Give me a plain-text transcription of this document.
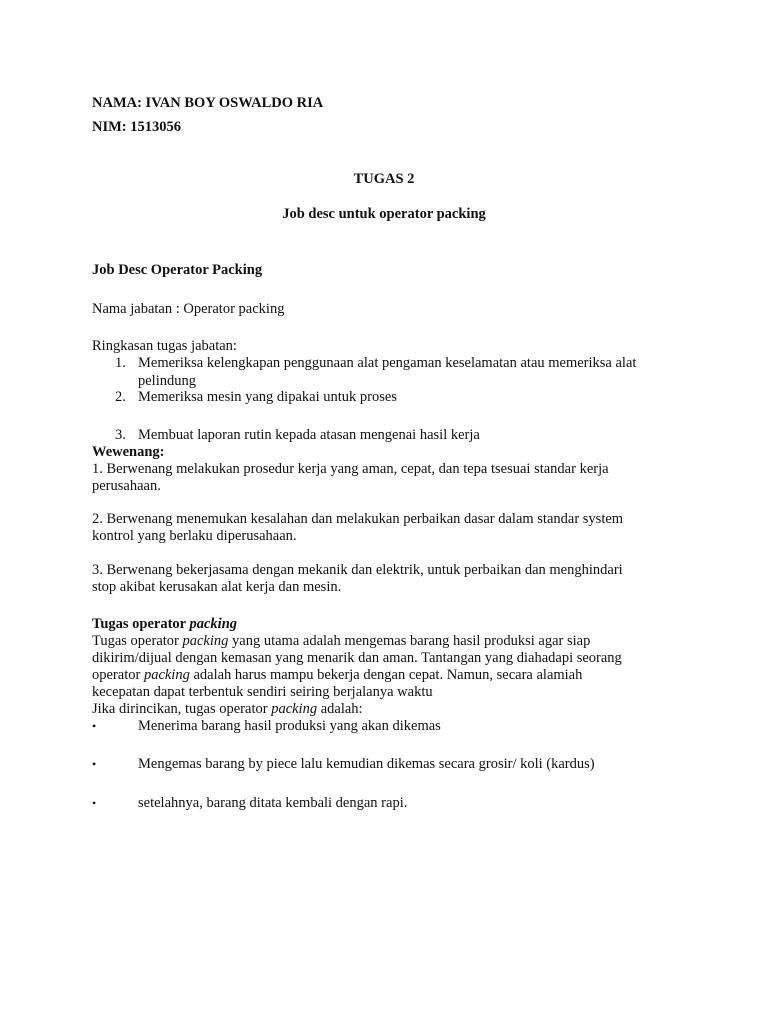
NAMA: IVAN BOY OSWALDO RIA
NIM: 1513056
TUGAS 2
Job desc untuk operator packing
Job Desc Operator Packing
Nama jabatan : Operator packing
Ringkasan tugas jabatan:
1. Memeriksa kelengkapan penggunaan alat pengaman keselamatan atau memeriksa alat
pelindung
2. Memeriksa mesin yang dipakai untuk proses
3. Membuat laporan rutin kepada atasan mengenai hasil kerja
Wewenang:
1. Berwenang melakukan prosedur kerja yang aman, cepat, dan tepa tsesuai standar kerja
perusahaan.
2. Berwenang menemukan kesalahan dan melakukan perbaikan dasar dalam standar system
kontrol yang berlaku diperusahaan.
3. Berwenang bekerjasama dengan mekanik dan elektrik, untuk perbaikan dan menghindari
stop akibat kerusakan alat kerja dan mesin.
Tugas operator packing
Tugas operator packing yang utama adalah mengemas barang hasil produksi agar siap
dikirim/dijual dengan kemasan yang menarik dan aman. Tantangan yang diahadapi seorang
operator packing adalah harus mampu bekerja dengan cepat. Namun, secara alamiah
kecepatan dapat terbentuk sendiri seiring berjalanya waktu
Jika dirincikan, tugas operator packing adalah:
•	Menerima barang hasil produksi yang akan dikemas
•	Mengemas barang by piece lalu kemudian dikemas secara grosir/ koli (kardus)
•	setelahnya, barang ditata kembali dengan rapi.
